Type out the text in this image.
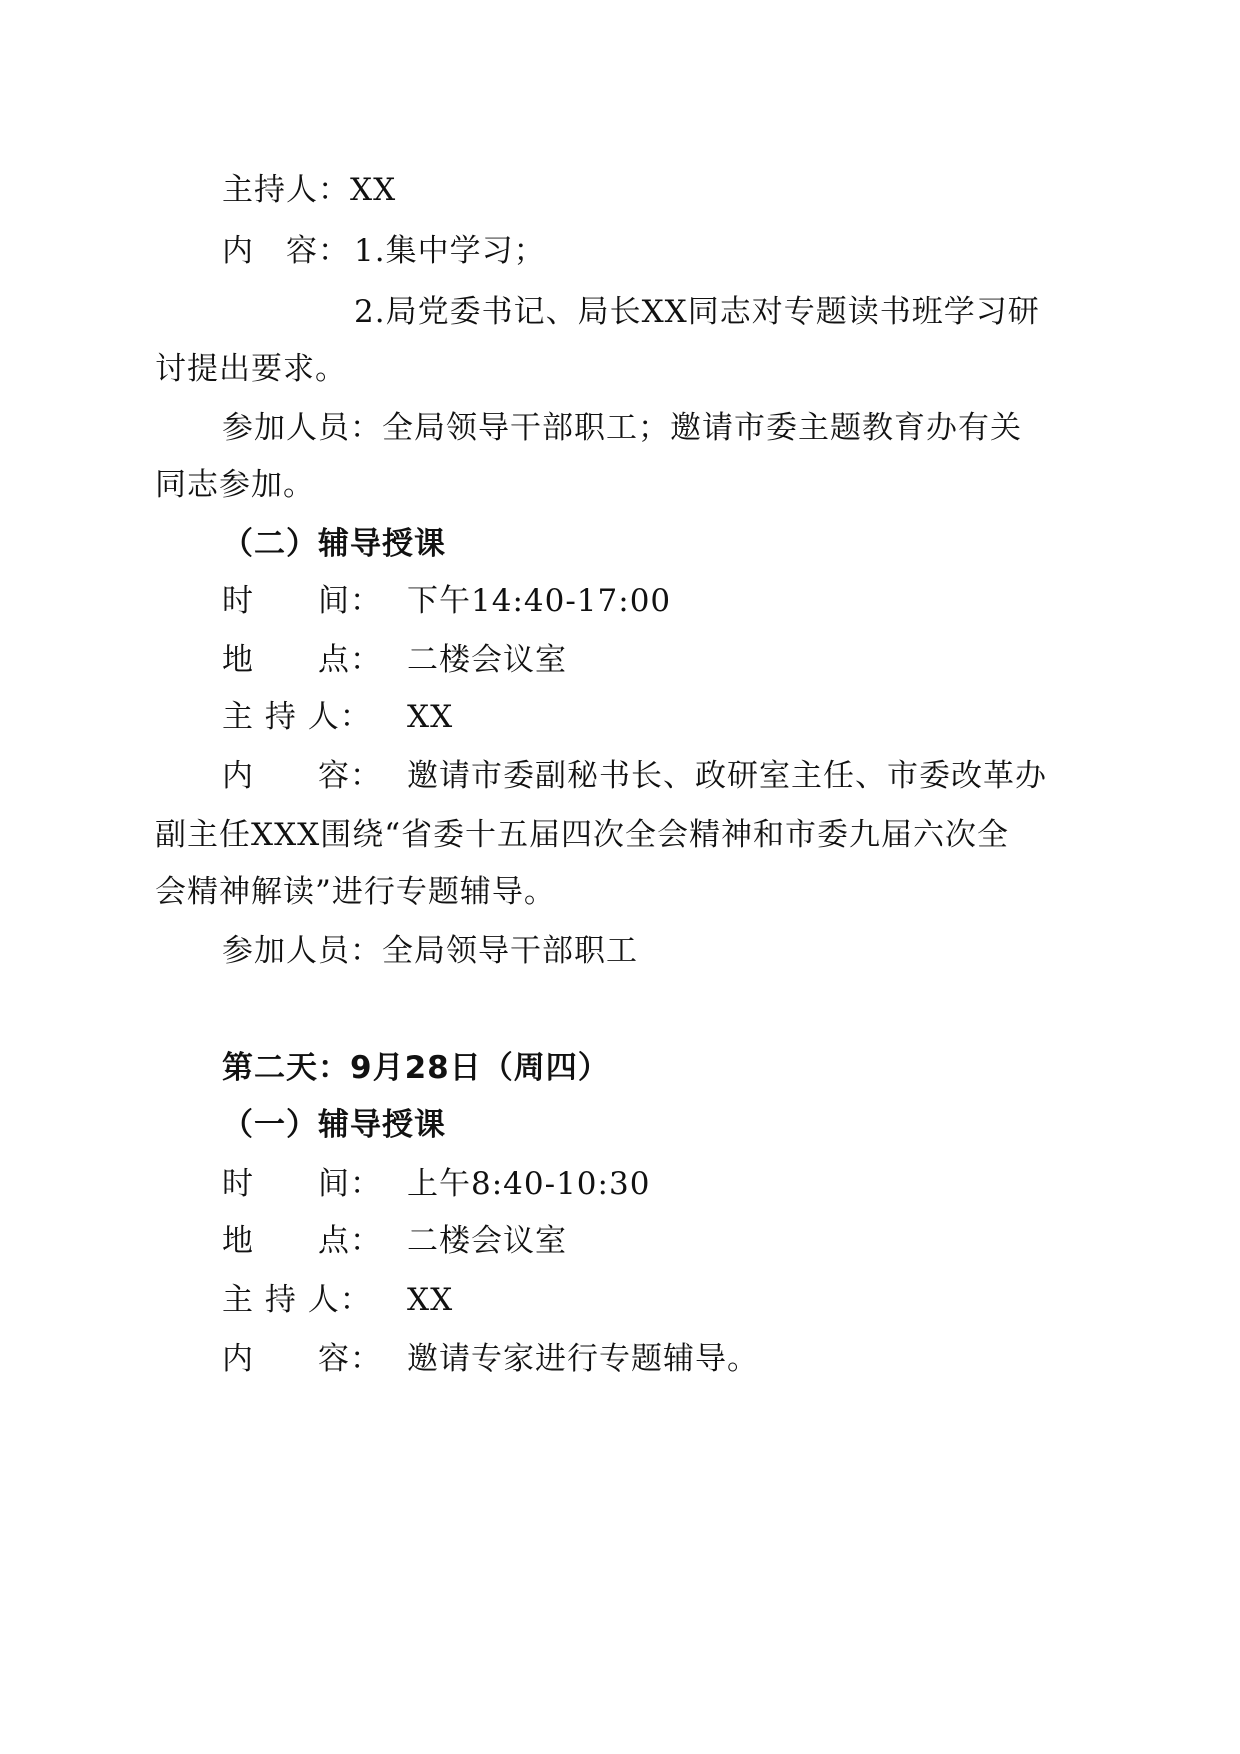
主持人：XX

内　容： 1.集中学习；

2.局党委书记、局长XX同志对专题读书班学习研

讨提出要求。

参加人员：全局领导干部职工；邀请市委主题教育办有关

同志参加。

（二）辅导授课

时　　间： 下午14:40-17:00

地　　点： 二楼会议室

主 持 人： XX

内　　容： 邀请市委副秘书长、政研室主任、市委改革办

副主任XXX围绕“省委十五届四次全会精神和市委九届六次全

会精神解读”进行专题辅导。

参加人员：全局领导干部职工

第二天：9月28日（周四）

（一）辅导授课

时　　间： 上午8:40-10:30

地　　点： 二楼会议室

主 持 人： XX

内　　容： 邀请专家进行专题辅导。
